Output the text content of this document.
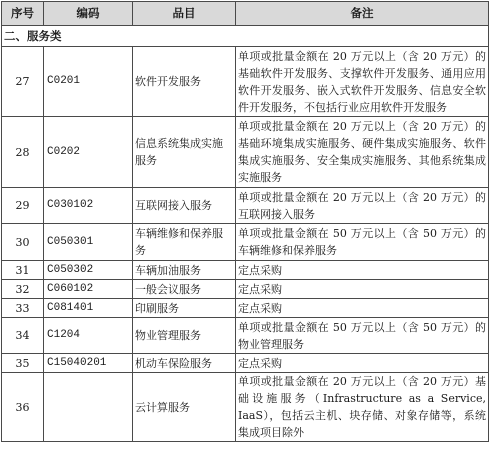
序号	编码	品目	备注
二、服务类			
27	C0201	软件开发服务	单项或批量金额在 20 万元以上（含 20 万元）的基础软件开发服务、支撑软件开发服务、通用应用软件开发服务、嵌入式软件开发服务、信息安全软件开发服务，不包括行业应用软件开发服务
28	C0202	信息系统集成实施服务	单项或批量金额在 20 万元以上（含 20 万元）的基础环境集成实施服务、硬件集成实施服务、软件集成实施服务、安全集成实施服务、其他系统集成实施服务
29	C030102	互联网接入服务	单项或批量金额在 20 万元以上（含 20 万元）的互联网接入服务
30	C050301	车辆维修和保养服务	单项或批量金额在 50 万元以上（含 50 万元）的车辆维修和保养服务
31	C050302	车辆加油服务	定点采购
32	C060102	一般会议服务	定点采购
33	C081401	印刷服务	定点采购
34	C1204	物业管理服务	单项或批量金额在 50 万元以上（含 50 万元）的物业管理服务
35	C15040201	机动车保险服务	定点采购
36		云计算服务	单项或批量金额在 20 万元以上（含 20 万元）基础设施服务（Infrastructure as a Service, IaaS），包括云主机、块存储、对象存储等，系统集成项目除外
